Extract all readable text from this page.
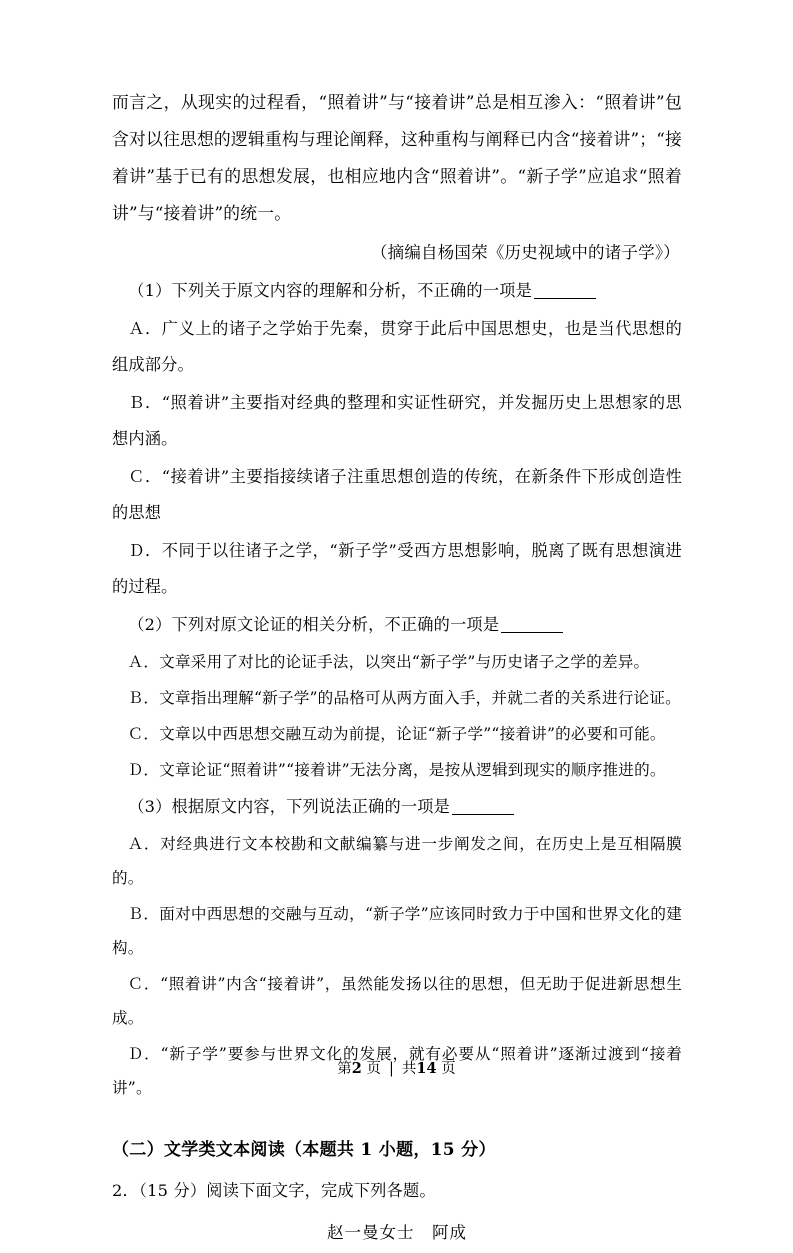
而言之，从现实的过程看，“照着讲”与“接着讲”总是相互渗入：“照着讲”包含对以往思想的逻辑重构与理论阐释，这种重构与阐释已内含“接着讲”；“接着讲”基于已有的思想发展，也相应地内含“照着讲”。“新子学”应追求“照着讲”与“接着讲”的统一。

（摘编自杨国荣《历史视域中的诸子学》）

（1）下列关于原文内容的理解和分析，不正确的一项是

Ａ．广义上的诸子之学始于先秦，贯穿于此后中国思想史，也是当代思想的组成部分。

Ｂ．“照着讲”主要指对经典的整理和实证性研究，并发掘历史上思想家的思想内涵。

Ｃ．“接着讲”主要指接续诸子注重思想创造的传统，在新条件下形成创造性的思想

Ｄ．不同于以往诸子之学，“新子学”受西方思想影响，脱离了既有思想演进的过程。

（2）下列对原文论证的相关分析，不正确的一项是

Ａ．文章采用了对比的论证手法，以突出“新子学”与历史诸子之学的差异。

Ｂ．文章指出理解“新子学”的品格可从两方面入手，并就二者的关系进行论证。

Ｃ．文章以中西思想交融互动为前提，论证“新子学”“接着讲”的必要和可能。

Ｄ．文章论证“照着讲”“接着讲”无法分离，是按从逻辑到现实的顺序推进的。

（3）根据原文内容，下列说法正确的一项是

Ａ．对经典进行文本校勘和文献编纂与进一步阐发之间，在历史上是互相隔膜的。

Ｂ．面对中西思想的交融与互动，“新子学”应该同时致力于中国和世界文化的建构。

Ｃ．“照着讲”内含“接着讲”，虽然能发扬以往的思想，但无助于促进新思想生成。

Ｄ．“新子学”要参与世界文化的发展，就有必要从“照着讲”逐渐过渡到“接着讲”。

（二）文学类文本阅读（本题共 1 小题，15 分）

2．（15 分）阅读下面文字，完成下列各题。

赵一曼女士　阿成

第2 页 | 共14 页
